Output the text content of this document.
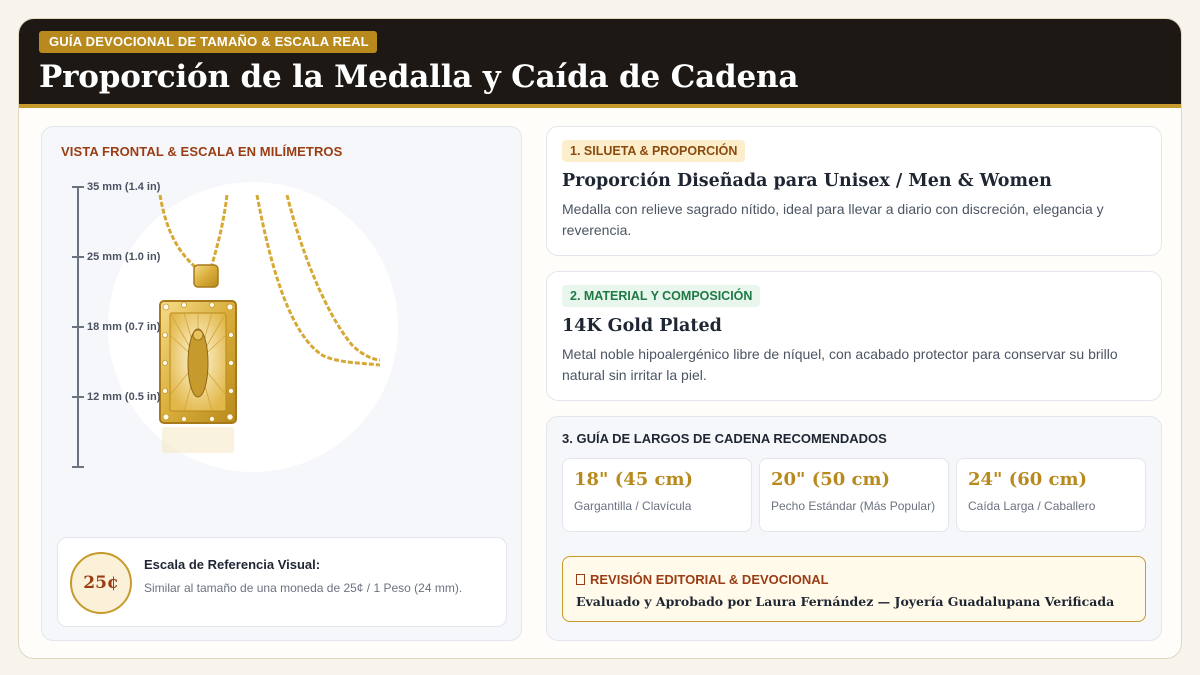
GUÍA DEVOCIONAL DE TAMAÑO & ESCALA REAL
Proporción de la Medalla y Caída de Cadena
VISTA FRONTAL & ESCALA EN MILÍMETROS
35 mm (1.4 in)
25 mm (1.0 in)
18 mm (0.7 in)
12 mm (0.5 in)
25¢
Escala de Referencia Visual:
Similar al tamaño de una moneda de 25¢ / 1 Peso (24 mm).
1. SILUETA & PROPORCIÓN
Proporción Diseñada para Unisex / Men & Women
Medalla con relieve sagrado nítido, ideal para llevar a diario con discreción, elegancia y reverencia.
2. MATERIAL Y COMPOSICIÓN
14K Gold Plated
Metal noble hipoalergénico libre de níquel, con acabado protector para conservar su brillo natural sin irritar la piel.
3. GUÍA DE LARGOS DE CADENA RECOMENDADOS
18" (45 cm)
Gargantilla / Clavícula
20" (50 cm)
Pecho Estándar (Más Popular)
24" (60 cm)
Caída Larga / Caballero
REVISIÓN EDITORIAL & DEVOCIONAL
Evaluado y Aprobado por Laura Fernández — Joyería Guadalupana Verificada
